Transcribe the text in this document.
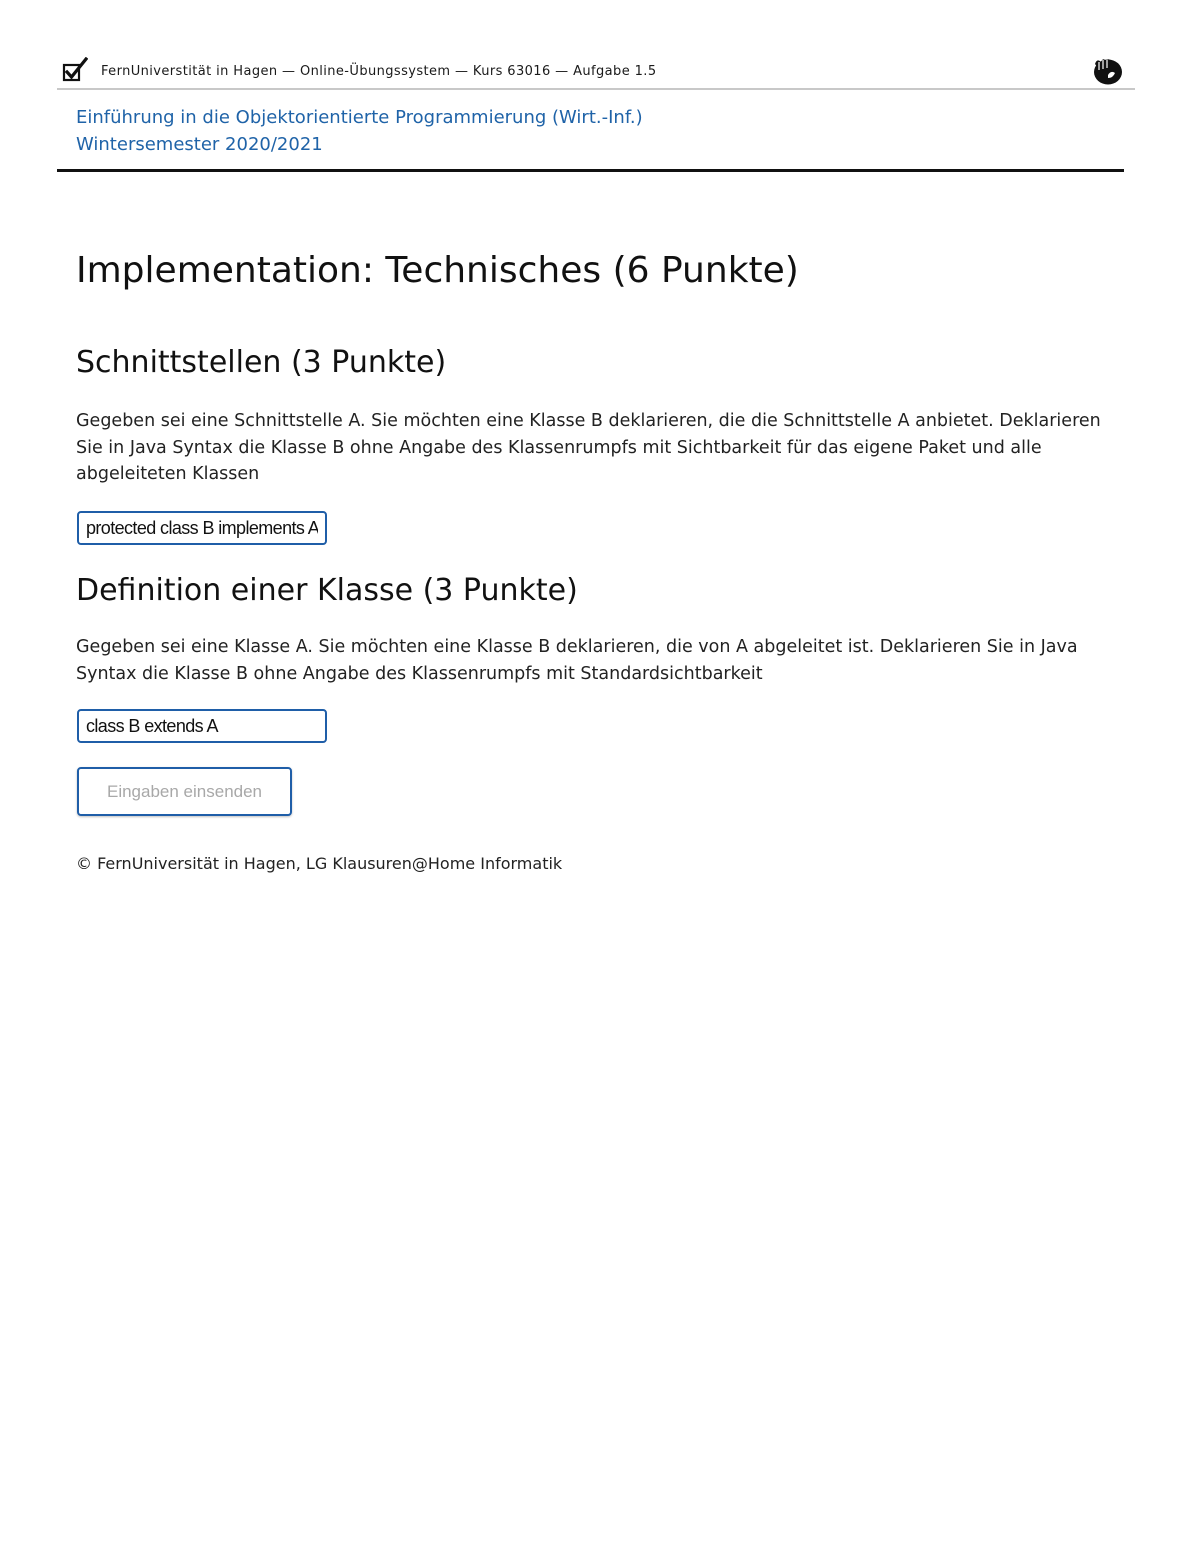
FernUniverstität in Hagen — Online-Übungssystem — Kurs 63016 — Aufgabe 1.5
Einführung in die Objektorientierte Programmierung (Wirt.-Inf.)
Wintersemester 2020/2021
Implementation: Technisches (6 Punkte)
Schnittstellen (3 Punkte)

Gegeben sei eine Schnittstelle A. Sie möchten eine Klasse B deklarieren, die die Schnittstelle A anbietet. Deklarieren Sie in Java Syntax die Klasse B ohne Angabe des Klassenrumpfs mit Sichtbarkeit für das eigene Paket und alle abgeleiteten Klassen

protected class B implements A
Definition einer Klasse (3 Punkte)

Gegeben sei eine Klasse A. Sie möchten eine Klasse B deklarieren, die von A abgeleitet ist. Deklarieren Sie in Java Syntax die Klasse B ohne Angabe des Klassenrumpfs mit Standardsichtbarkeit

class B extends A
Eingaben einsenden
© FernUniversität in Hagen, LG Klausuren@Home Informatik
